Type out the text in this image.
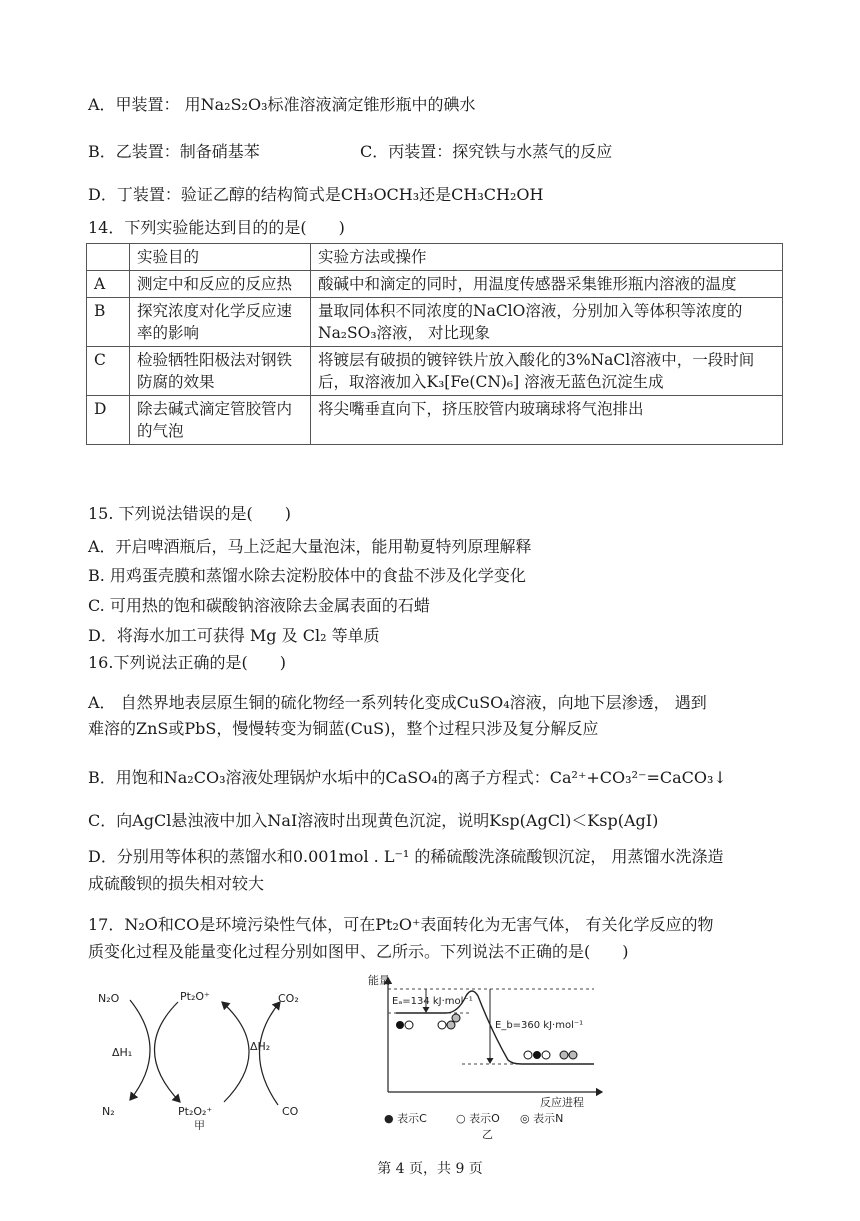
A．甲装置： 用Na₂S₂O₃标准溶液滴定锥形瓶中的碘水
B．乙装置：制备硝基苯	C．丙装置：探究铁与水蒸气的反应
D．丁装置：验证乙醇的结构简式是CH₃OCH₃还是CH₃CH₂OH
14．下列实验能达到目的的是(　　)
	实验目的	实验方法或操作
A	测定中和反应的反应热	酸碱中和滴定的同时，用温度传感器采集锥形瓶内溶液的温度
B	探究浓度对化学反应速率的影响	量取同体积不同浓度的NaClO溶液，分别加入等体积等浓度的Na₂SO₃溶液， 对比现象
C	检验牺牲阳极法对钢铁防腐的效果	将镀层有破损的镀锌铁片放入酸化的3%NaCl溶液中，一段时间后，取溶液加入K₃[Fe(CN)₆] 溶液无蓝色沉淀生成
D	除去碱式滴定管胶管内的气泡	将尖嘴垂直向下，挤压胶管内玻璃球将气泡排出
15. 下列说法错误的是(　　)
A．开启啤酒瓶后，马上泛起大量泡沫，能用勒夏特列原理解释
B. 用鸡蛋壳膜和蒸馏水除去淀粉胶体中的食盐不涉及化学变化
C. 可用热的饱和碳酸钠溶液除去金属表面的石蜡
D．将海水加工可获得 Mg 及 Cl₂ 等单质
16.下列说法正确的是(　　)
A． 自然界地表层原生铜的硫化物经一系列转化变成CuSO₄溶液，向地下层渗透， 遇到
难溶的ZnS或PbS，慢慢转变为铜蓝(CuS)，整个过程只涉及复分解反应
B．用饱和Na₂CO₃溶液处理锅炉水垢中的CaSO₄的离子方程式：Ca²⁺+CO₃²⁻=CaCO₃↓
C．向AgCl悬浊液中加入NaI溶液时出现黄色沉淀，说明Ksp(AgCl)＜Ksp(AgI)
D．分别用等体积的蒸馏水和0.001mol . L⁻¹ 的稀硫酸洗涤硫酸钡沉淀， 用蒸馏水洗涤造
成硫酸钡的损失相对较大
17．N₂O和CO是环境污染性气体，可在Pt₂O⁺表面转化为无害气体， 有关化学反应的物
质变化过程及能量变化过程分别如图甲、乙所示。下列说法不正确的是(　　)
N₂O	Pt₂O⁺	CO₂
ΔH₁	ΔH₂
N₂	Pt₂O₂⁺	CO
甲
能量
Eₐ=134 kJ·mol⁻¹
E_b=360 kJ·mol⁻¹
反应进程
● 表示C	○ 表示O ◎ 表示N
乙
第 4 页，共 9 页
